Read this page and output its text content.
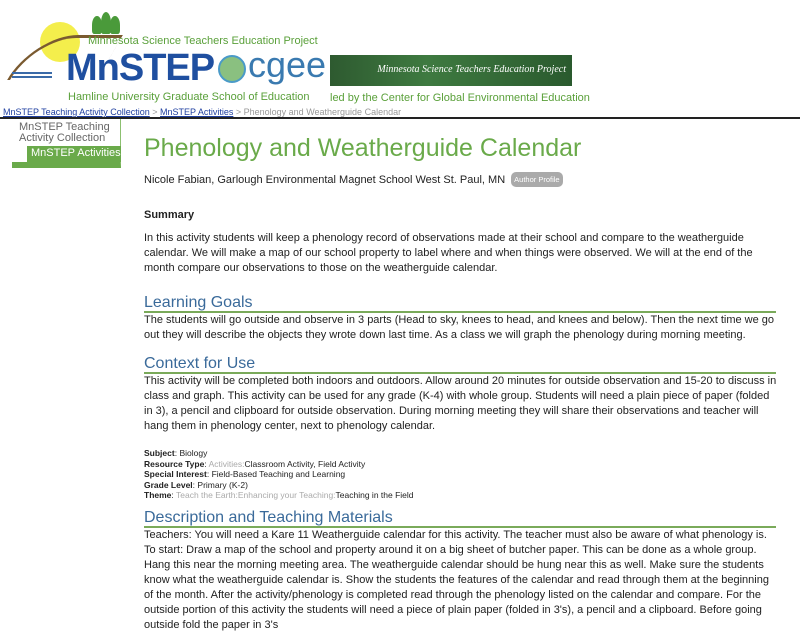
Minnesota Science Teachers Education Project
MnSTEP
Hamline University Graduate School of Education
cgee	Minnesota Science Teachers Education Project
led by the Center for Global Environmental Education
MnSTEP Teaching Activity Collection > MnSTEP Activities > Phenology and Weatherguide Calendar
MnSTEP Teaching Activity Collection
MnSTEP Activities Phenology and Weatherguide Calendar
Nicole Fabian, Garlough Environmental Magnet School West St. Paul, MN	Author Profile
Summary

In this activity students will keep a phenology record of observations made at their school and compare to the weatherguide calendar. We will make a map of our school property to label where and when things were observed. We will at the end of the month compare our observations to those on the weatherguide calendar.

Learning Goals

The students will go outside and observe in 3 parts (Head to sky, knees to head, and knees and below). Then the next time we go out they will describe the objects they wrote down last time. As a class we will graph the phenology during morning meeting.

Context for Use

This activity will be completed both indoors and outdoors. Allow around 20 minutes for outside observation and 15-20 to discuss in class and graph. This activity can be used for any grade (K-4) with whole group. Students will need a plain piece of paper (folded in 3), a pencil and clipboard for outside observation. During morning meeting they will share their observations and teacher will hang them in phenology center, next to phenology calendar.

Subject: Biology
Resource Type: Activities:Classroom Activity, Field Activity
Special Interest: Field-Based Teaching and Learning
Grade Level: Primary (K-2)
Theme: Teach the Earth:Enhancing your Teaching:Teaching in the Field
Description and Teaching Materials

Teachers: You will need a Kare 11 Weatherguide calendar for this activity. The teacher must also be aware of what phenology is. To start: Draw a map of the school and property around it on a big sheet of butcher paper. This can be done as a whole group. Hang this near the morning meeting area. The weatherguide calendar should be hung near this as well. Make sure the students know what the weatherguide calendar is. Show the students the features of the calendar and read through them at the beginning of the month. After the activity/phenology is completed read through the phenology listed on the calendar and compare. For the outside portion of this activity the students will need a piece of plain paper (folded in 3's), a pencil and a clipboard. Before going outside fold the paper in 3's
